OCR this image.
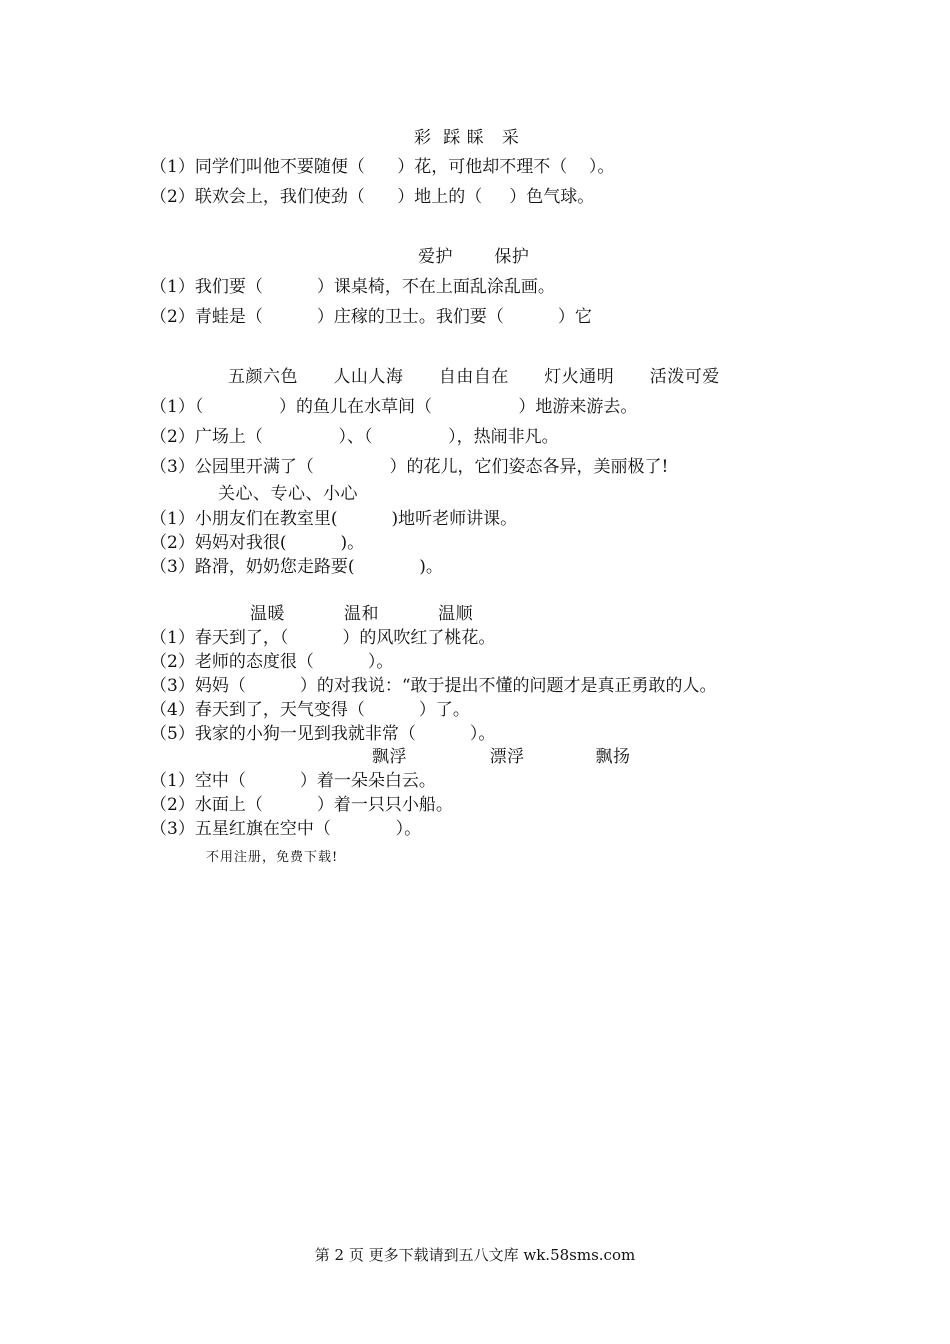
彩  踩 睬   采
（1）同学们叫他不要随便（      ）花，可他却不理不（    ）。
（2）联欢会上，我们使劲（      ）地上的（     ）色气球。
爱护       保护
（1）我们要（          ）课桌椅，不在上面乱涂乱画。
（2）青蛙是（          ）庄稼的卫士。我们要（          ）它
五颜六色      人山人海      自由自在      灯火通明      活泼可爱
（1）（              ）的鱼儿在水草间（                ）地游来游去。
（2）广场上（              ）、（              ），热闹非凡。
（3）公园里开满了（              ）的花儿，它们姿态各异，美丽极了!
关心、专心、小心
（1）小朋友们在教室里(          )地听老师讲课。
（2）妈妈对我很(          )。
（3）路滑，奶奶您走路要(            )。
温暖          温和          温顺
（1）春天到了，（          ）的风吹红了桃花。
（2）老师的态度很（          ）。
（3）妈妈（          ）的对我说：“敢于提出不懂的问题才是真正勇敢的人。
（4）春天到了，天气变得（          ）了。
（5）我家的小狗一见到我就非常（          ）。
飘浮              漂浮            飘扬
（1）空中（          ）着一朵朵白云。
（2）水面上（          ）着一只只小船。
（3）五星红旗在空中（            ）。
不用注册，免费下载!
第 2 页 更多下载请到五八文库 wk.58sms.com
